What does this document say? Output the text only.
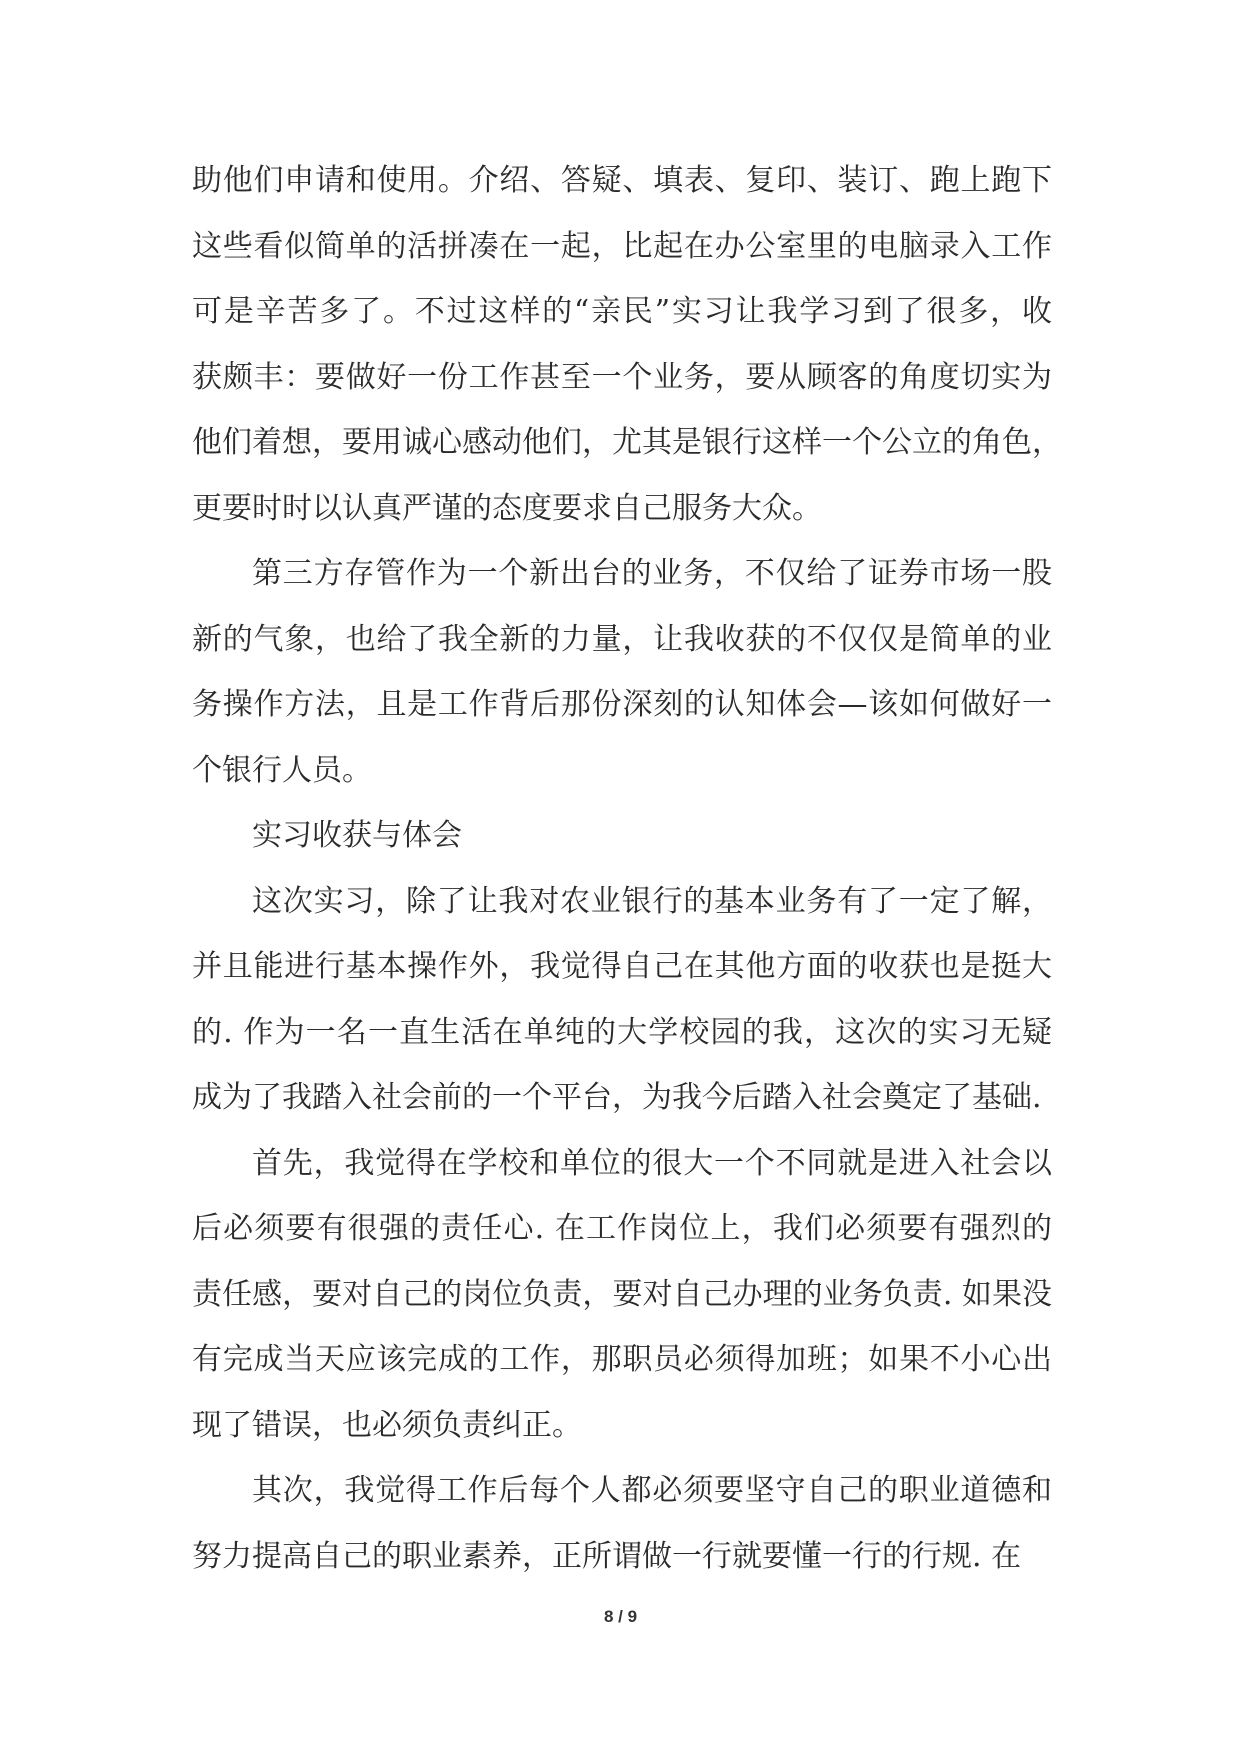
助他们申请和使用。介绍、答疑、填表、复印、装订、跑上跑下
这些看似简单的活拼凑在一起，比起在办公室里的电脑录入工作
可是辛苦多了。不过这样的“亲民”实习让我学习到了很多，收
获颇丰：要做好一份工作甚至一个业务，要从顾客的角度切实为
他们着想，要用诚心感动他们，尤其是银行这样一个公立的角色，
更要时时以认真严谨的态度要求自己服务大众。
第三方存管作为一个新出台的业务，不仅给了证券市场一股
新的气象，也给了我全新的力量，让我收获的不仅仅是简单的业
务操作方法，且是工作背后那份深刻的认知体会—该如何做好一
个银行人员。
实习收获与体会
这次实习，除了让我对农业银行的基本业务有了一定了解，
并且能进行基本操作外，我觉得自己在其他方面的收获也是挺大
的. 作为一名一直生活在单纯的大学校园的我，这次的实习无疑
成为了我踏入社会前的一个平台，为我今后踏入社会奠定了基础.
首先，我觉得在学校和单位的很大一个不同就是进入社会以
后必须要有很强的责任心. 在工作岗位上，我们必须要有强烈的
责任感，要对自己的岗位负责，要对自己办理的业务负责. 如果没
有完成当天应该完成的工作，那职员必须得加班；如果不小心出
现了错误，也必须负责纠正。
其次，我觉得工作后每个人都必须要坚守自己的职业道德和
努力提高自己的职业素养，正所谓做一行就要懂一行的行规. 在
8 / 9
